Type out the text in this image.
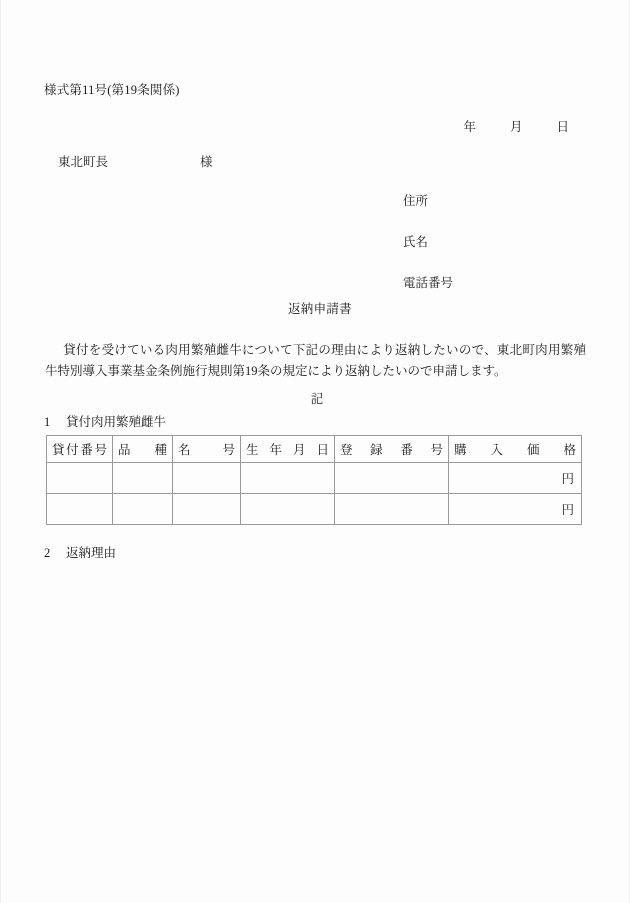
様式第11号(第19条関係)
年	月	日
東北町長	様
住所
氏名
電話番号
返納申請書
貸付を受けている肉用繁殖雌牛について下記の理由により返納したいので、東北町肉用繁殖牛特別導入事業基金条例施行規則第19条の規定により返納したいので申請します。
記
1 貸付肉用繁殖雌牛
貸付番号	品種	名号	生年月日	登録番号	購入価格

					円

					円
2 返納理由
